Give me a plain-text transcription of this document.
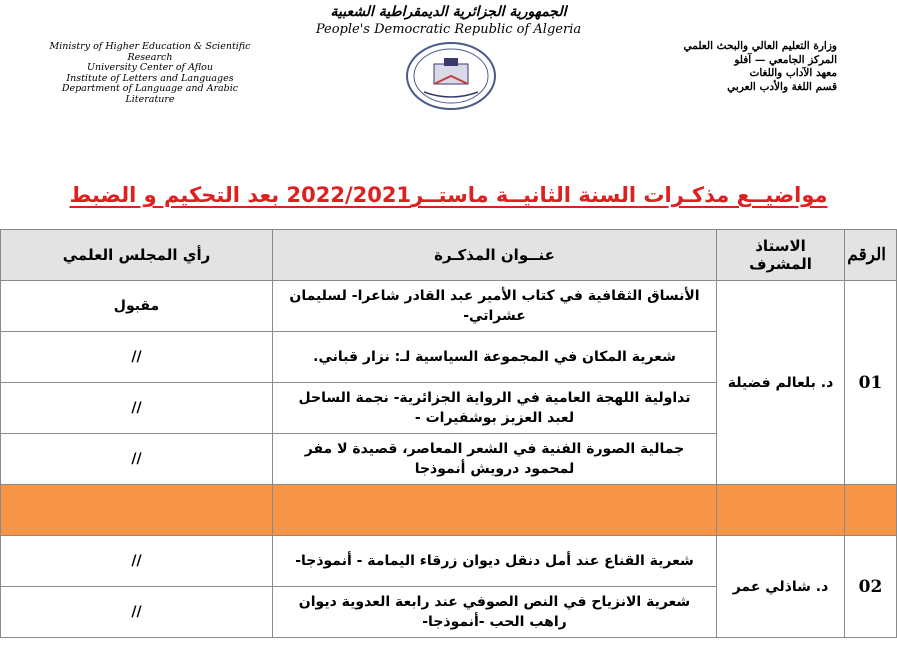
الجمهورية الجزائرية الديمقراطية الشعبية
People's Democratic Republic of Algeria
Ministry of Higher Education & Scientific
Research
University Center of Aflou
Institute of Letters and Languages
Department of Language and Arabic
Literature
وزارة التعليم العالي والبحث العلمي
المركز الجامعي — آفلو
معهد الآداب واللغات
قسم اللغة والأدب العربي
مواضيــع مذكـرات السنة الثانيــة ماستــر2022/2021 بعد التحكيم و الضبط
الرقم	الاستاذ المشرف	عنــوان المذكـرة	رأي المجلس العلمي
01	د. بلعالم فضيلة	الأنساق الثقافية في كتاب الأمير عبد القادر شاعرا- لسليمان عشراتي-	مقبول
		شعرية المكان في المجموعة السياسية لـ: نزار قباني.	//
		تداولية اللهجة العامية في الرواية الجزائرية- نجمة الساحل لعبد العزيز بوشفيرات -	//
		جمالية الصورة الفنية في الشعر المعاصر، قصيدة لا مفر لمحمود درويش أنموذجا	//

02	د. شاذلي عمر	شعرية القناع عند أمل دنقل ديوان زرقاء اليمامة - أنموذجا-	//
		شعرية الانزياح في النص الصوفي عند رابعة العدوية ديوان راهب الحب -أنموذجا-	//
